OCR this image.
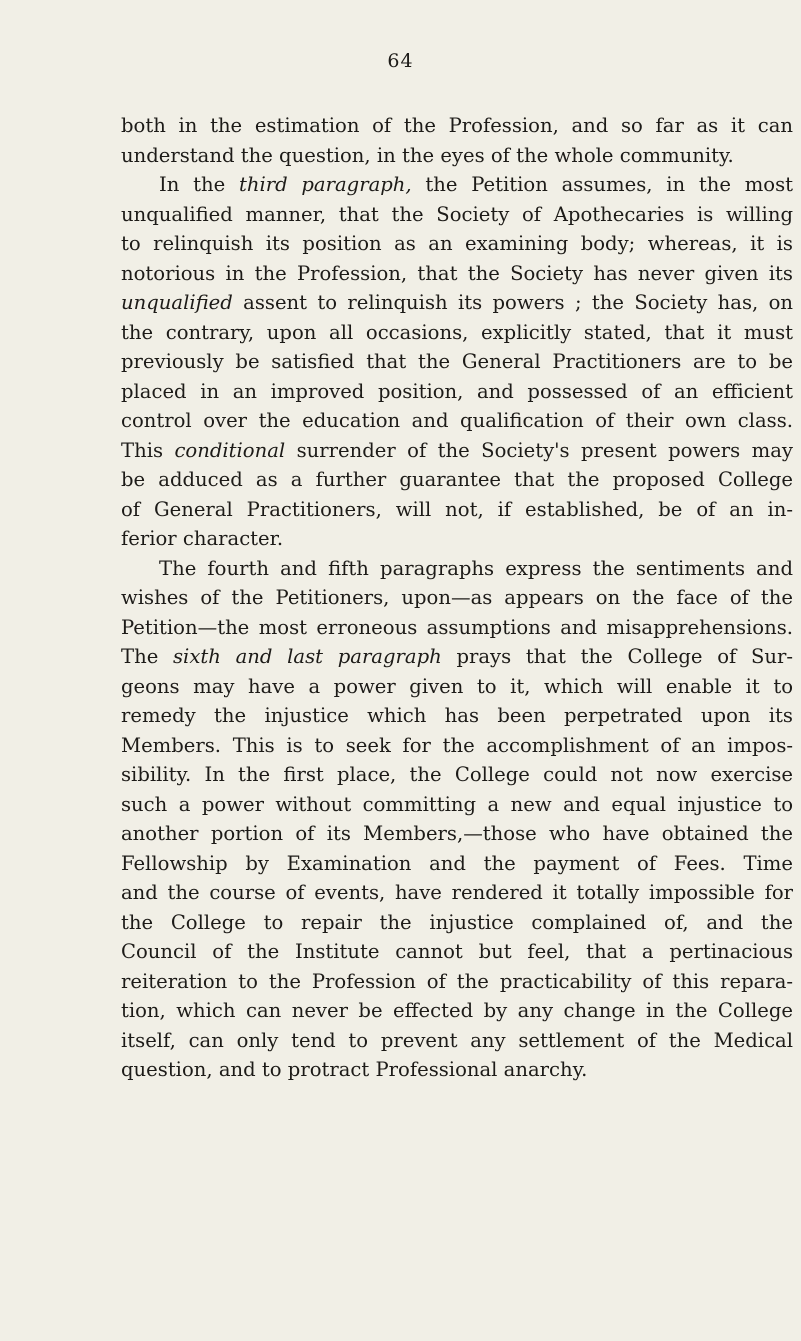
64
both in the estimation of the Profession, and so far as it can
understand the question, in the eyes of the whole community.
In the third paragraph, the Petition assumes, in the most
unqualified manner, that the Society of Apothecaries is willing
to relinquish its position as an examining body; whereas, it is
notorious in the Profession, that the Society has never given its
unqualified assent to relinquish its powers ; the Society has, on
the contrary, upon all occasions, explicitly stated, that it must
previously be satisfied that the General Practitioners are to be
placed in an improved position, and possessed of an efficient
control over the education and qualification of their own class.
This conditional surrender of the Society's present powers may
be adduced as a further guarantee that the proposed College
of General Practitioners, will not, if established, be of an in-
ferior character.
The fourth and fifth paragraphs express the sentiments and
wishes of the Petitioners, upon—as appears on the face of the
Petition—the most erroneous assumptions and misapprehensions.
The sixth and last paragraph prays that the College of Sur-
geons may have a power given to it, which will enable it to
remedy the injustice which has been perpetrated upon its
Members. This is to seek for the accomplishment of an impos-
sibility. In the first place, the College could not now exercise
such a power without committing a new and equal injustice to
another portion of its Members,—those who have obtained the
Fellowship by Examination and the payment of Fees. Time
and the course of events, have rendered it totally impossible for
the College to repair the injustice complained of, and the
Council of the Institute cannot but feel, that a pertinacious
reiteration to the Profession of the practicability of this repara-
tion, which can never be effected by any change in the College
itself, can only tend to prevent any settlement of the Medical
question, and to protract Professional anarchy.
